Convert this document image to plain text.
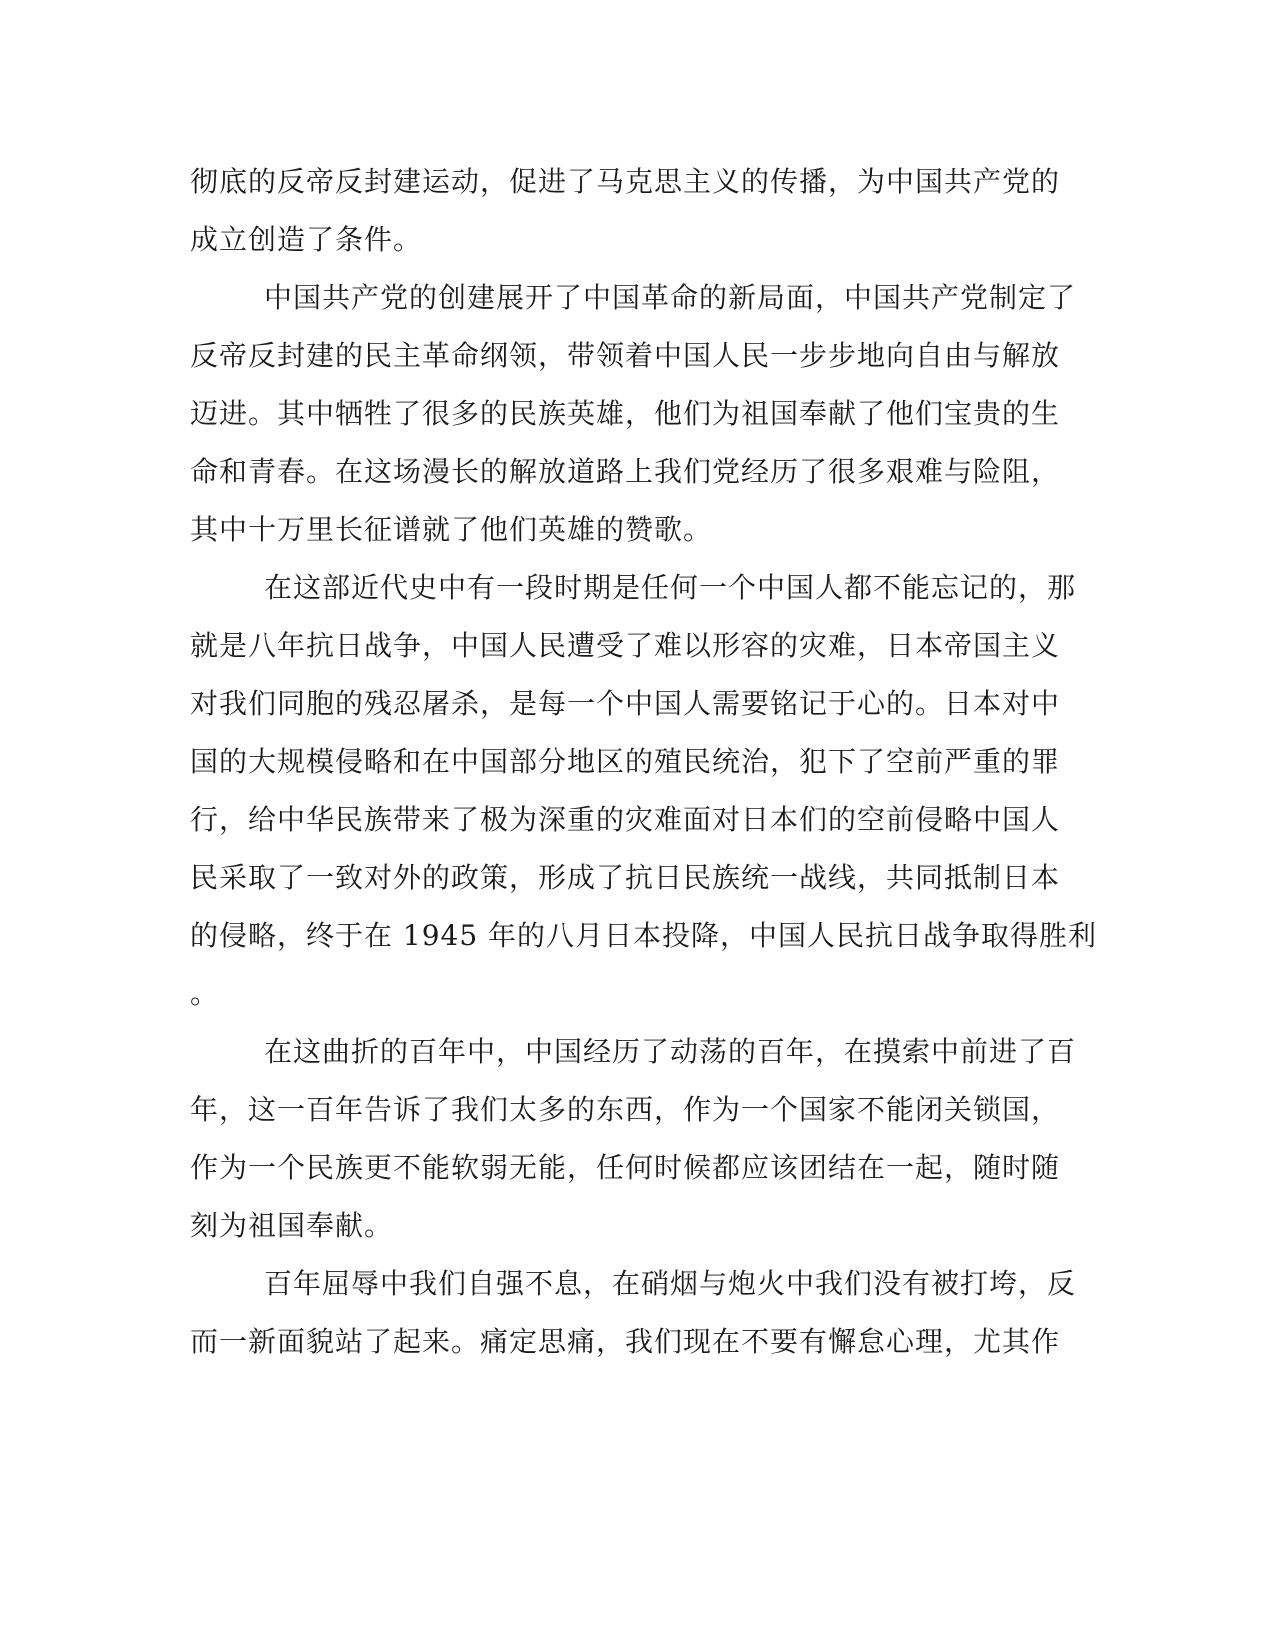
彻底的反帝反封建运动，促进了马克思主义的传播，为中国共产党的
成立创造了条件。
中国共产党的创建展开了中国革命的新局面，中国共产党制定了
反帝反封建的民主革命纲领，带领着中国人民一步步地向自由与解放
迈进。其中牺牲了很多的民族英雄，他们为祖国奉献了他们宝贵的生
命和青春。在这场漫长的解放道路上我们党经历了很多艰难与险阻，
其中十万里长征谱就了他们英雄的赞歌。
在这部近代史中有一段时期是任何一个中国人都不能忘记的，那
就是八年抗日战争，中国人民遭受了难以形容的灾难，日本帝国主义
对我们同胞的残忍屠杀，是每一个中国人需要铭记于心的。日本对中
国的大规模侵略和在中国部分地区的殖民统治，犯下了空前严重的罪
行，给中华民族带来了极为深重的灾难面对日本们的空前侵略中国人
民采取了一致对外的政策，形成了抗日民族统一战线，共同抵制日本
的侵略，终于在 1945 年的八月日本投降，中国人民抗日战争取得胜利
。
在这曲折的百年中，中国经历了动荡的百年，在摸索中前进了百
年，这一百年告诉了我们太多的东西，作为一个国家不能闭关锁国，
作为一个民族更不能软弱无能，任何时候都应该团结在一起，随时随
刻为祖国奉献。
百年屈辱中我们自强不息，在硝烟与炮火中我们没有被打垮，反
而一新面貌站了起来。痛定思痛，我们现在不要有懈怠心理，尤其作
